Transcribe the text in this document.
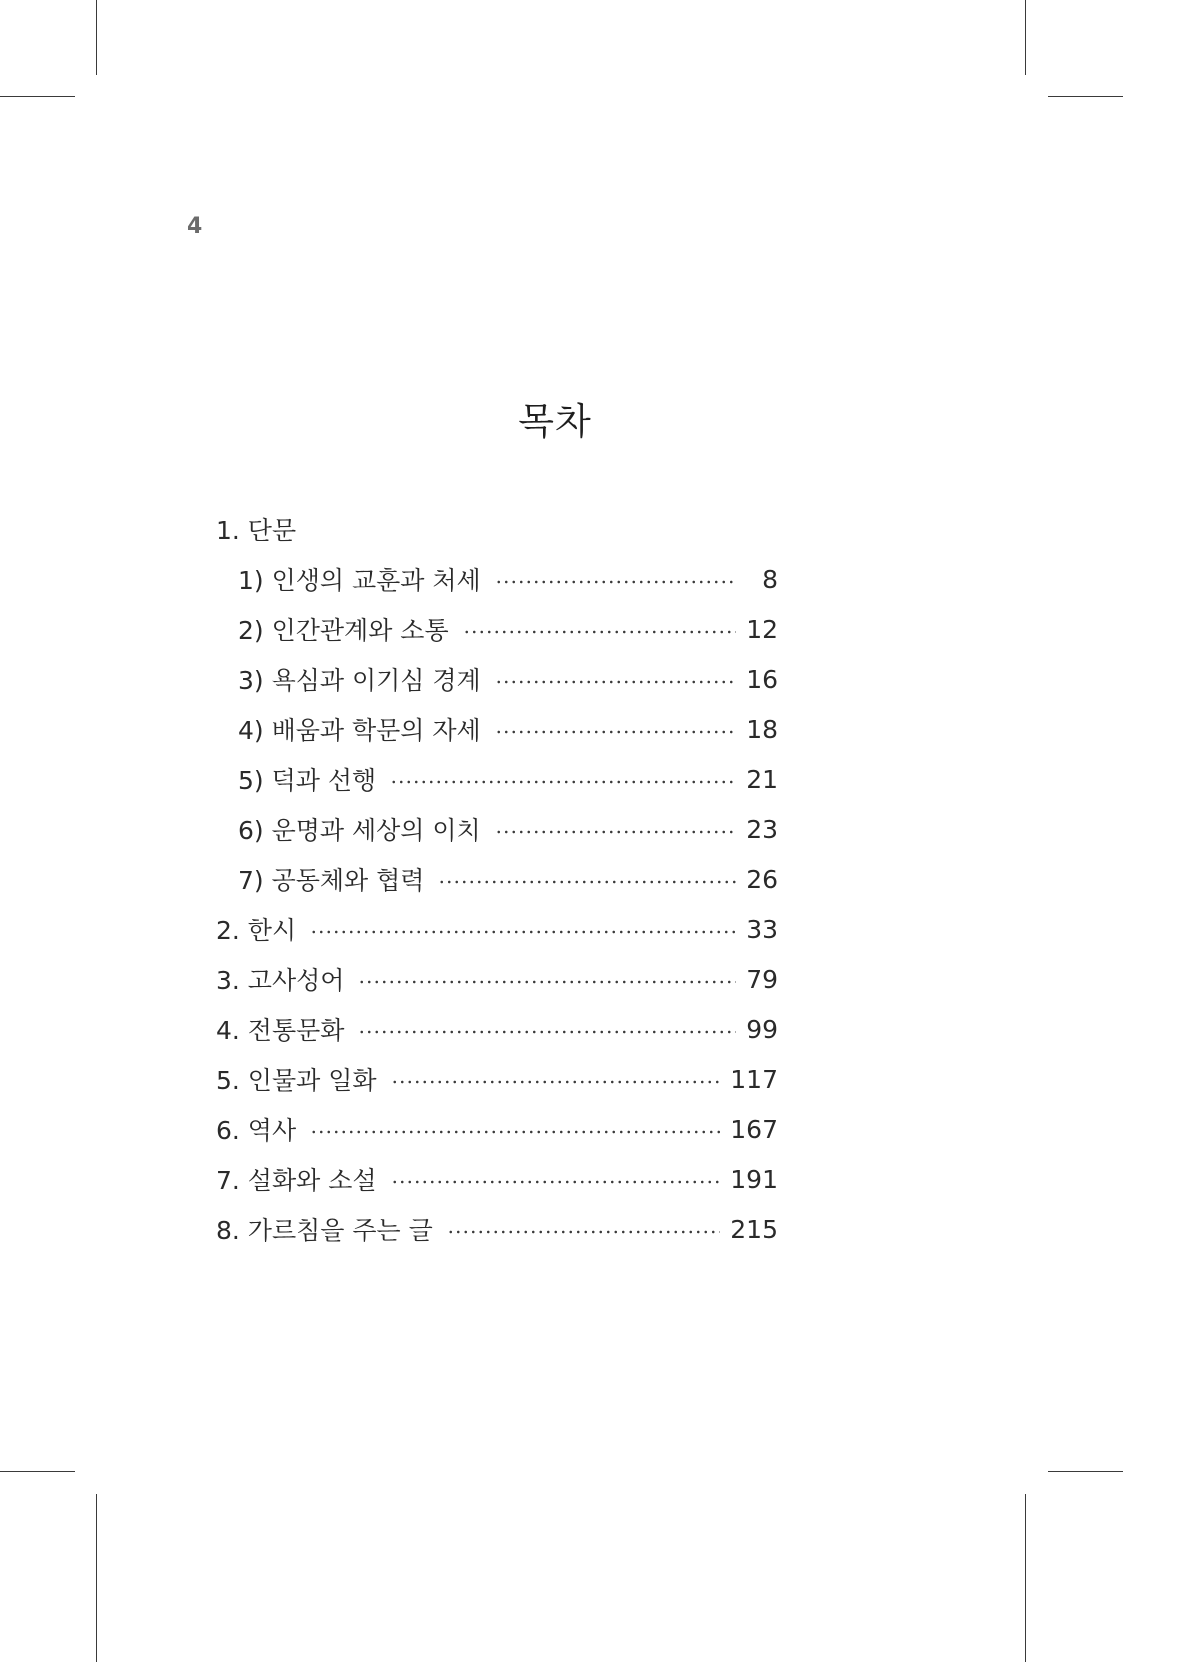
4
목차
1. 단문
1) 인생의 교훈과 처세	8
2) 인간관계와 소통	12
3) 욕심과 이기심 경계	16
4) 배움과 학문의 자세	18
5) 덕과 선행	21
6) 운명과 세상의 이치	23
7) 공동체와 협력	26
2. 한시	33
3. 고사성어	79
4. 전통문화	99
5. 인물과 일화	117
6. 역사	167
7. 설화와 소설	191
8. 가르침을 주는 글	215
